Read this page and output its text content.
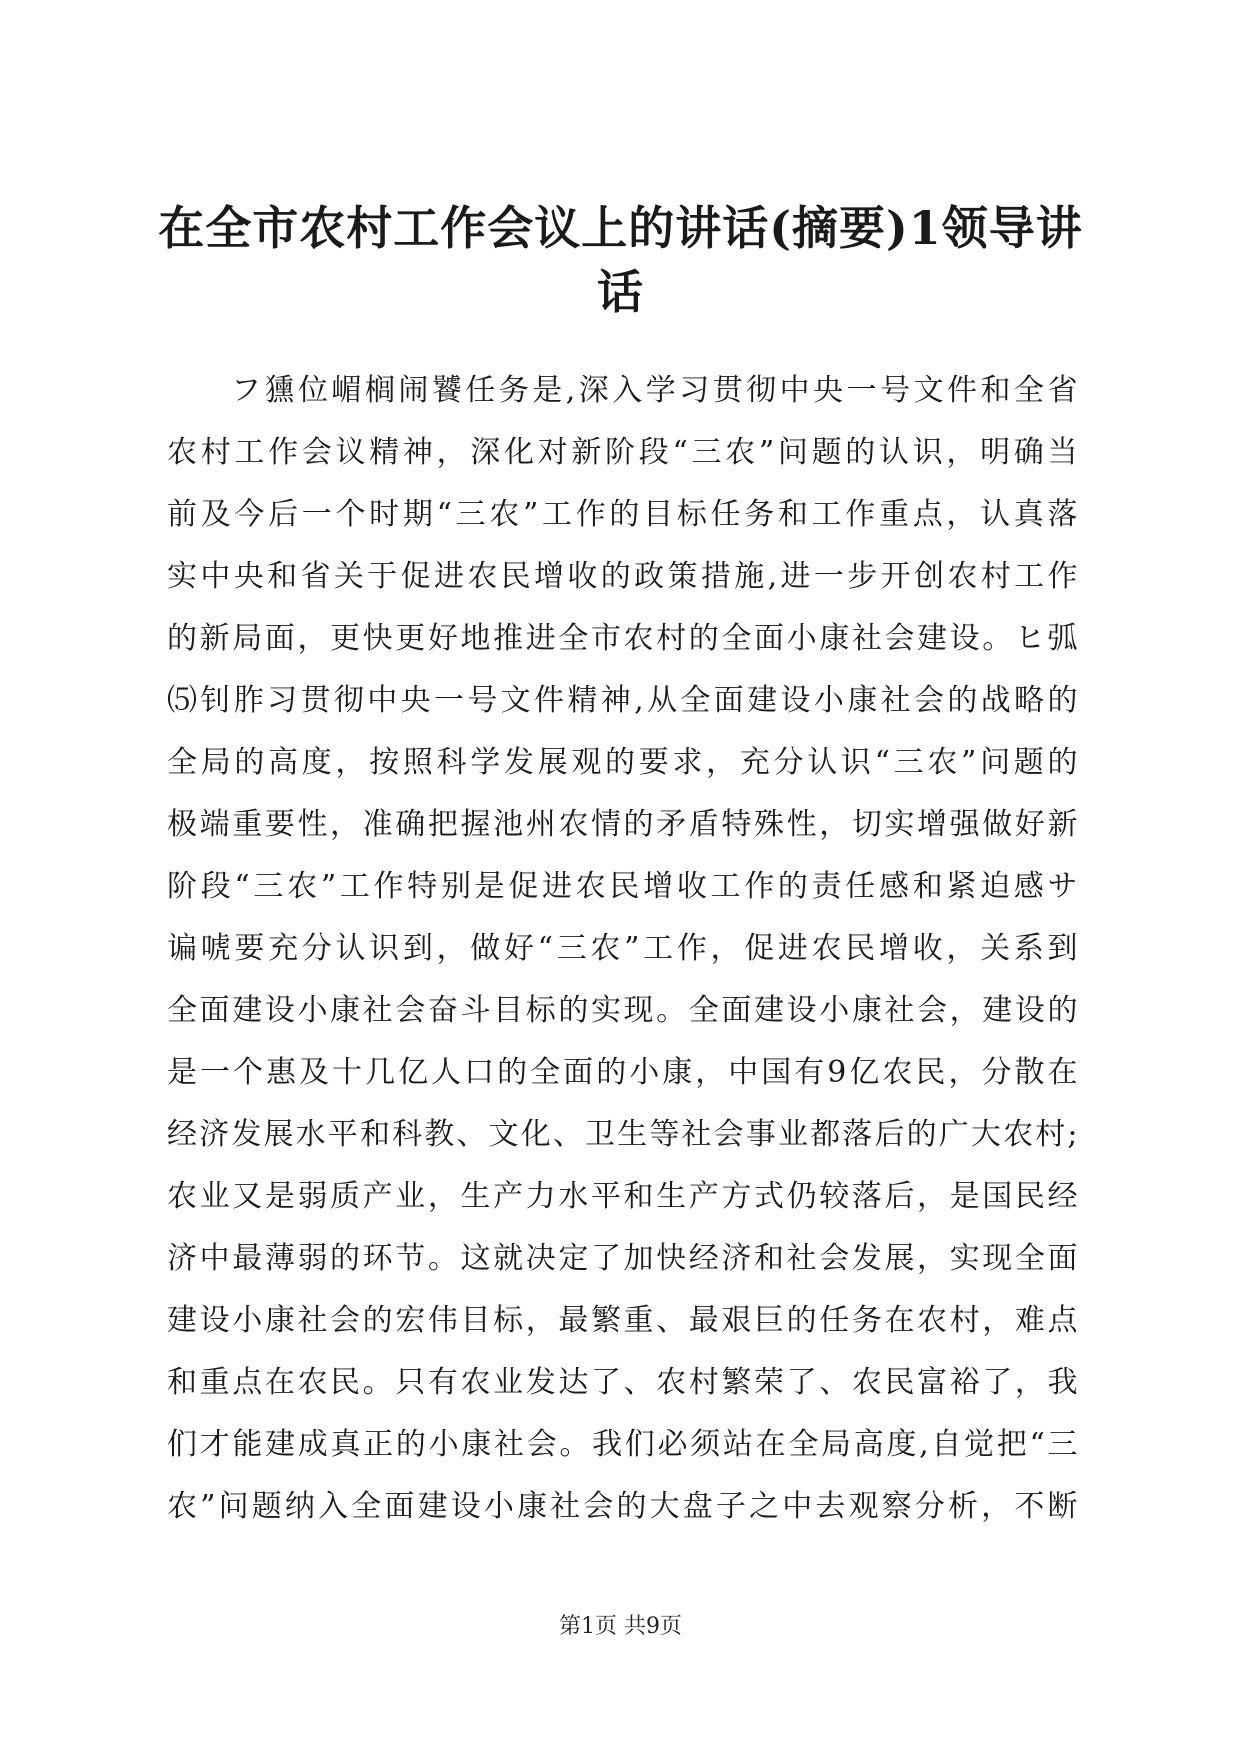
在全市农村工作会议上的讲话(摘要)1领导讲话
フ獯位嵋榈闹饕任务是,深入学习贯彻中央一号文件和全省
农村工作会议精神，深化对新阶段“三农”问题的认识，明确当
前及今后一个时期“三农”工作的目标任务和工作重点，认真落
实中央和省关于促进农民增收的政策措施,进一步开创农村工作
的新局面，更快更好地推进全市农村的全面小康社会建设。ヒ弧
⑸钊胙习贯彻中央一号文件精神,从全面建设小康社会的战略的
全局的高度，按照科学发展观的要求，充分认识“三农”问题的
极端重要性，准确把握池州农情的矛盾特殊性，切实增强做好新
阶段“三农”工作特别是促进农民增收工作的责任感和紧迫感サ
谝唬要充分认识到，做好“三农”工作，促进农民增收，关系到
全面建设小康社会奋斗目标的实现。全面建设小康社会，建设的
是一个惠及十几亿人口的全面的小康，中国有9亿农民，分散在
经济发展水平和科教、文化、卫生等社会事业都落后的广大农村;
农业又是弱质产业，生产力水平和生产方式仍较落后，是国民经
济中最薄弱的环节。这就决定了加快经济和社会发展，实现全面
建设小康社会的宏伟目标，最繁重、最艰巨的任务在农村，难点
和重点在农民。只有农业发达了、农村繁荣了、农民富裕了，我
们才能建成真正的小康社会。我们必须站在全局高度,自觉把“三
农”问题纳入全面建设小康社会的大盘子之中去观察分析，不断
第1页 共9页
